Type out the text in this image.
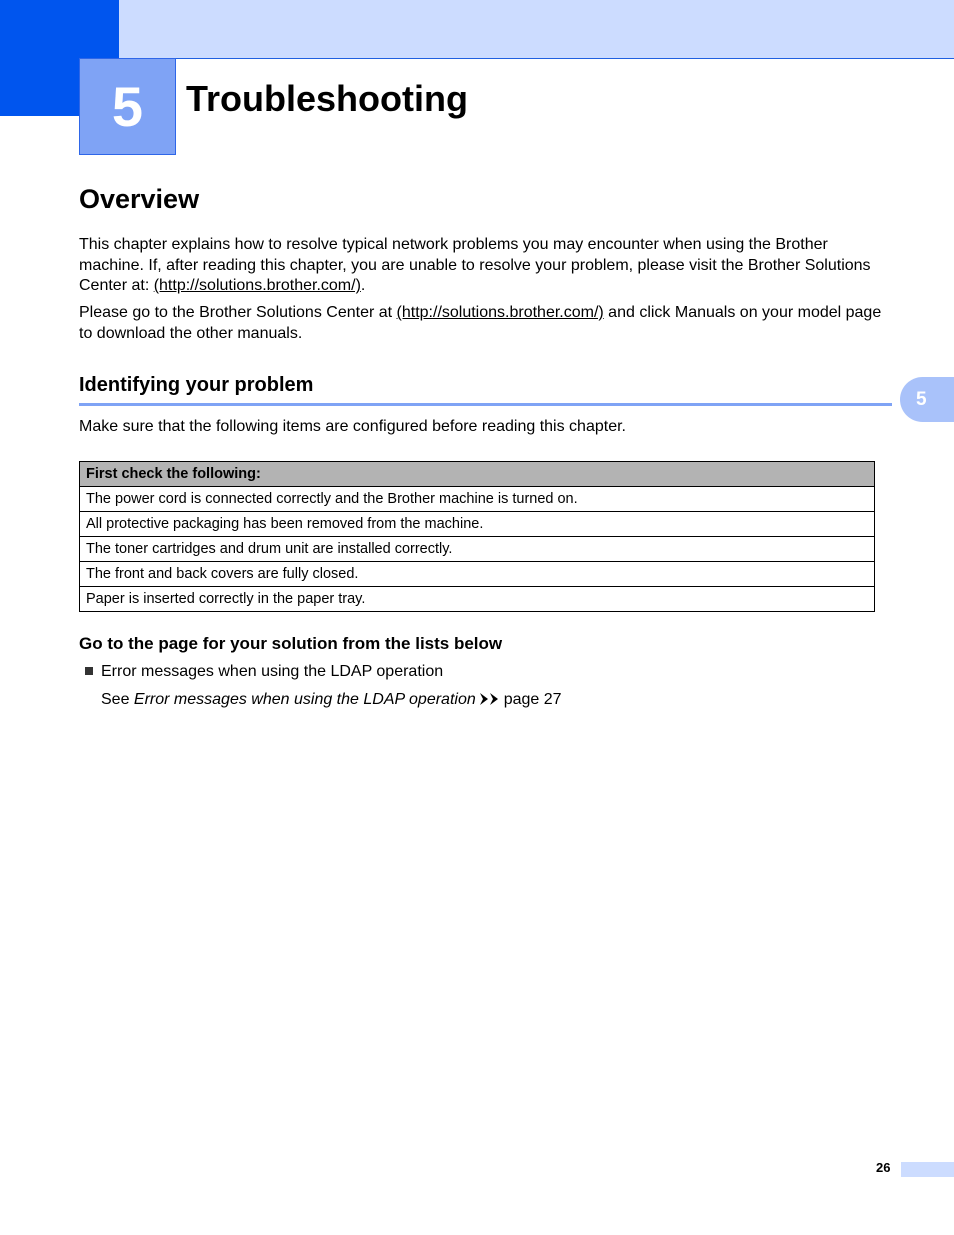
5	Troubleshooting
Overview

This chapter explains how to resolve typical network problems you may encounter when using the Brother machine. If, after reading this chapter, you are unable to resolve your problem, please visit the Brother Solutions Center at: (http://solutions.brother.com/).

Please go to the Brother Solutions Center at (http://solutions.brother.com/) and click Manuals on your model page to download the other manuals.

Identifying your problem
5

Make sure that the following items are configured before reading this chapter.

First check the following:
The power cord is connected correctly and the Brother machine is turned on.
All protective packaging has been removed from the machine.
The toner cartridges and drum unit are installed correctly.
The front and back covers are fully closed.
Paper is inserted correctly in the paper tray.
Go to the page for your solution from the lists below
Error messages when using the LDAP operation
See Error messages when using the LDAP operation page 27
26
